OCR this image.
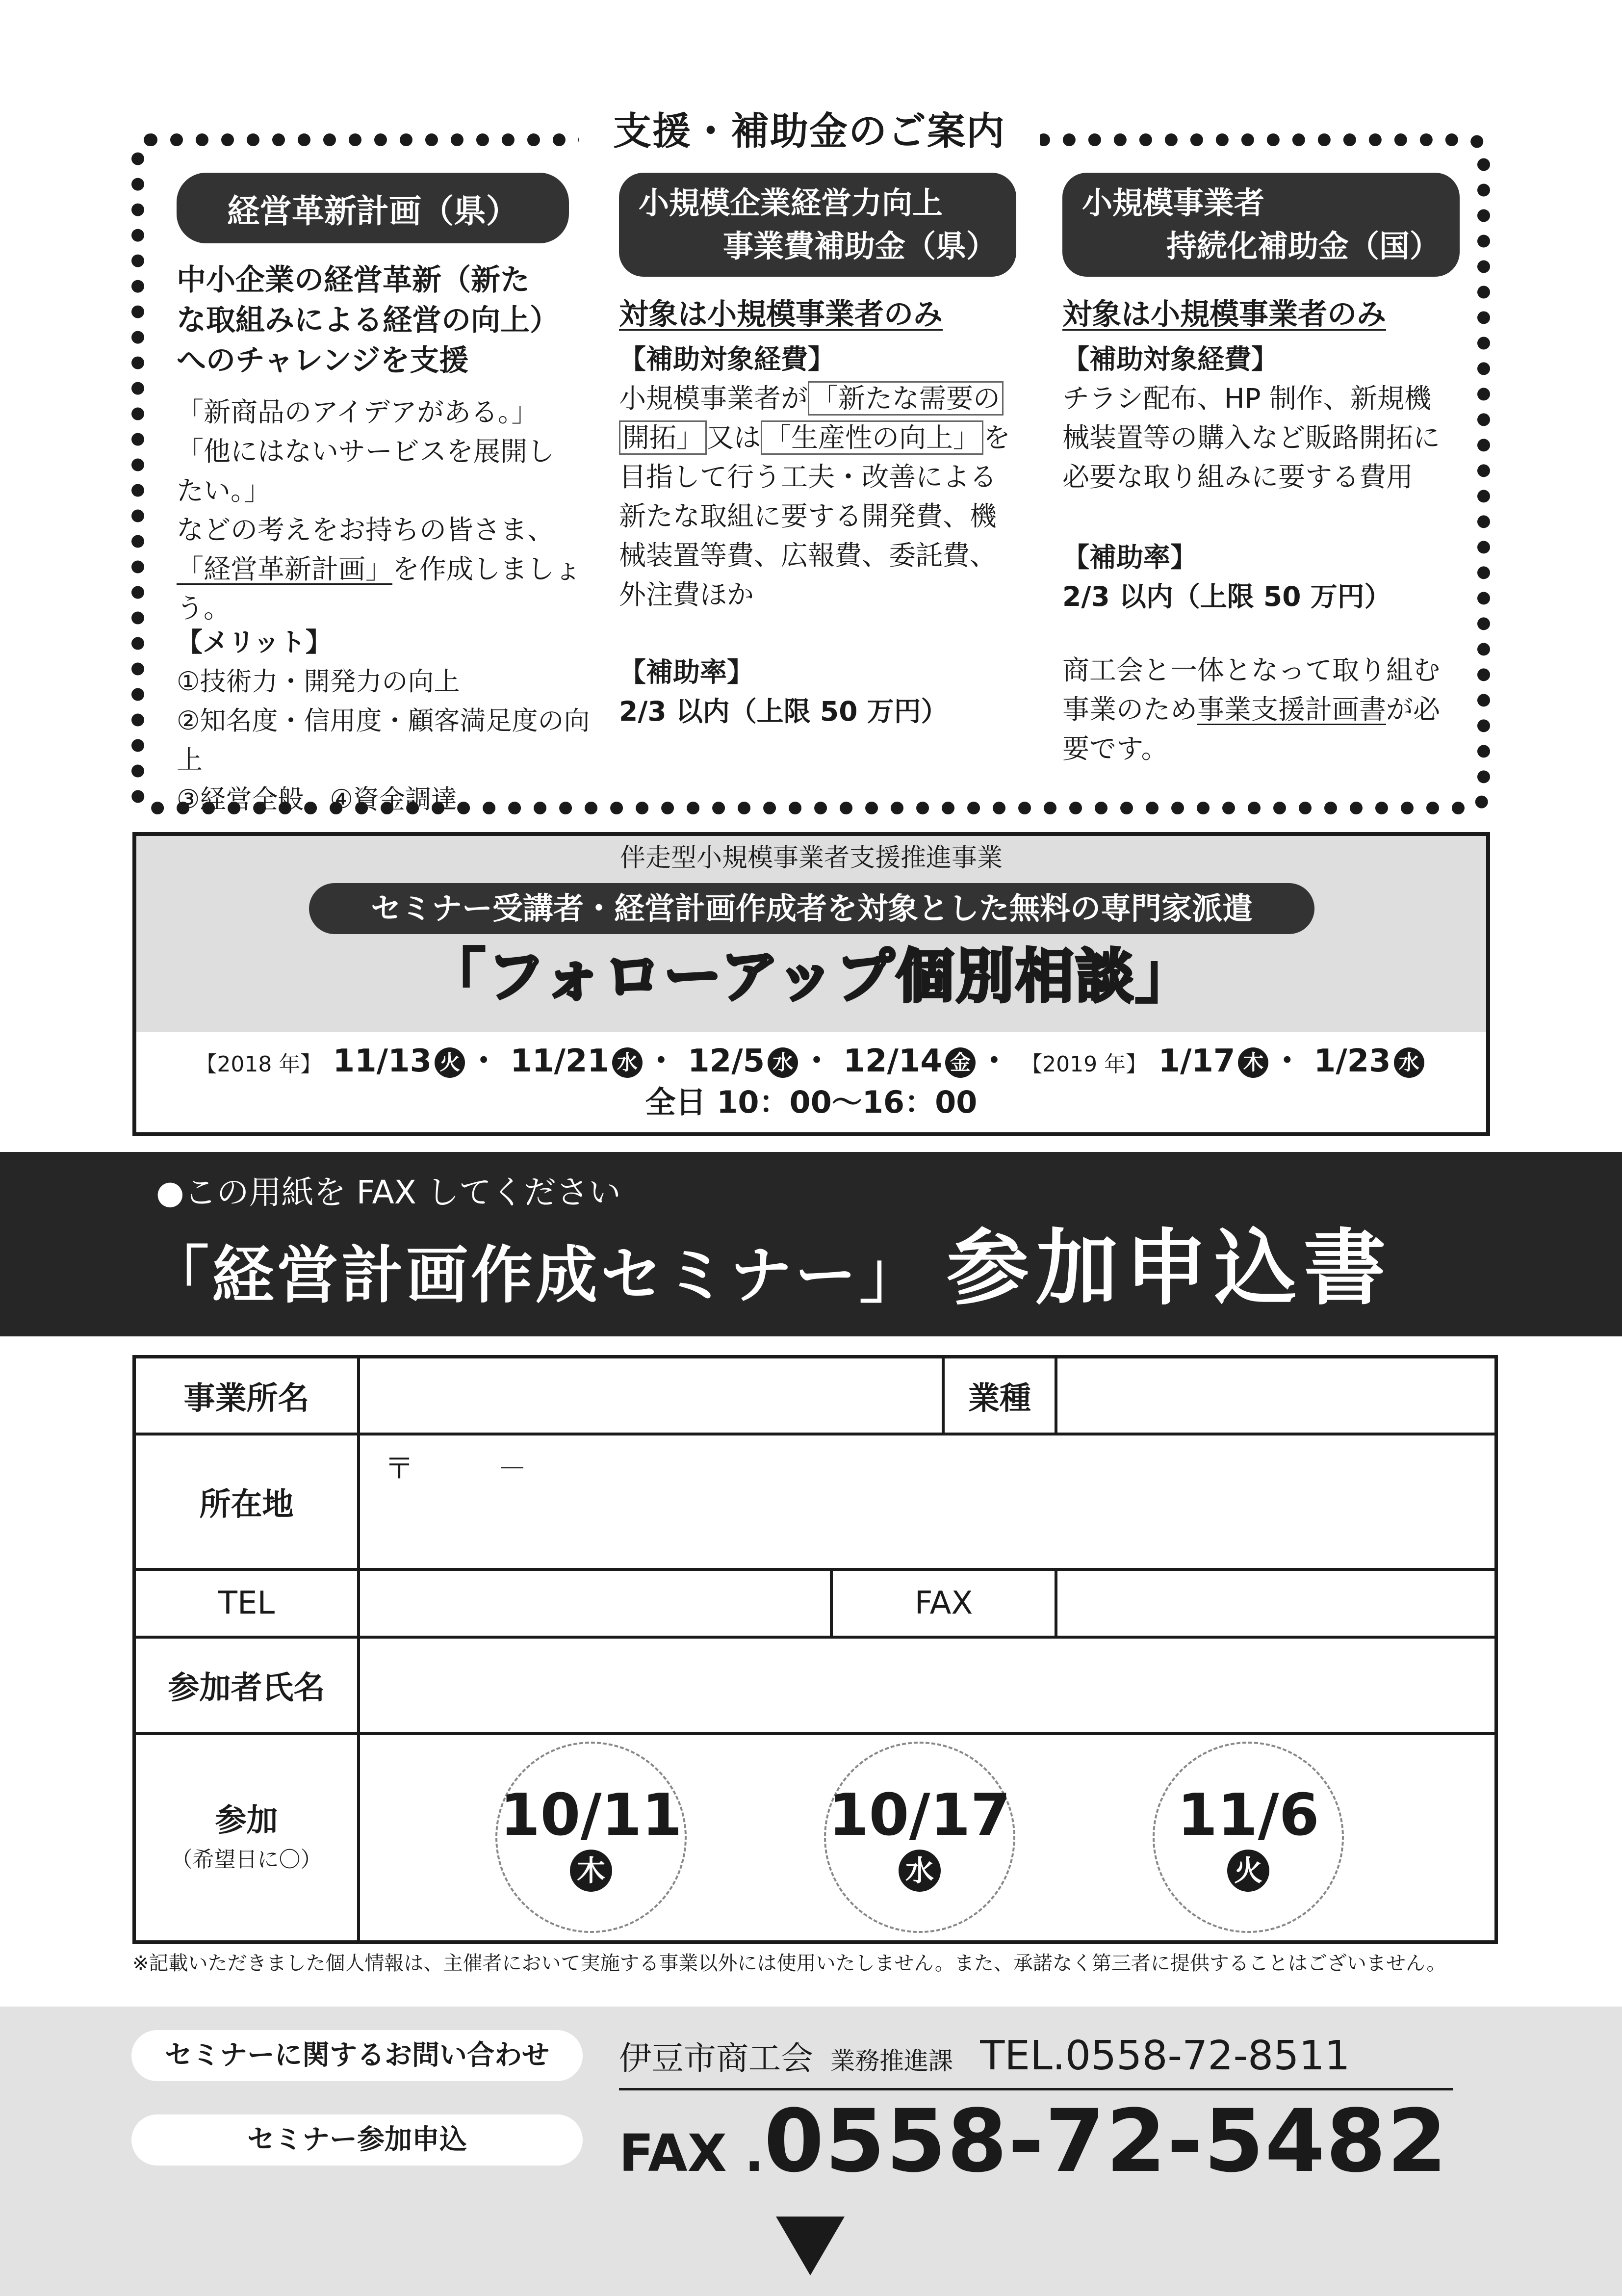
支援・補助金のご案内
経営革新計画（県）
中小企業の経営革新（新た
な取組みによる経営の向上）
へのチャレンジを支援
「新商品のアイデアがある。」
「他にはないサービスを展開し
たい。」
などの考えをお持ちの皆さま、
「経営革新計画」を作成しましょう。
【メリット】
①技術力・開発力の向上
②知名度・信用度・顧客満足度の向上
③経営全般　④資金調達
小規模企業経営力向上
事業費補助金（県）
対象は小規模事業者のみ
【補助対象経費】
小規模事業者が 「新たな需要の
開拓」 又は 「生産性の向上」 を
目指して行う工夫・改善による
新たな取組に要する開発費、機
械装置等費、広報費、委託費、
外注費ほか
【補助率】
2/3 以内（上限 50 万円）
小規模事業者
持続化補助金（国）
対象は小規模事業者のみ
【補助対象経費】
チラシ配布、HP 制作、新規機
械装置等の購入など販路開拓に
必要な取り組みに要する費用
【補助率】
2/3 以内（上限 50 万円）
商工会と一体となって取り組む
事業のため事業支援計画書が必
要です。
伴走型小規模事業者支援推進事業
セミナー受講者・経営計画作成者を対象とした無料の専門家派遣
「フォローアップ個別相談」
【2018 年】 11/13 火 ・ 11/21 水 ・ 12/5 水 ・ 12/14 金 ・ 【2019 年】 1/17 木 ・ 1/23 水
全日 10：00～16：00
●この用紙を FAX してください
「経営計画作成セミナー」 参加申込書
事業所名	業種
所在地
〒	－
TEL	FAX
参加者氏名
参加
（希望日に〇）
10/11
木
10/17
水
11/6
火
※記載いただきました個人情報は、主催者において実施する事業以外には使用いたしません。また、承諾なく第三者に提供することはございません。
セミナーに関するお問い合わせ	伊豆市商工会 業務推進課 TEL.0558-72-8511
セミナー参加申込	FAX .0558-72-5482
